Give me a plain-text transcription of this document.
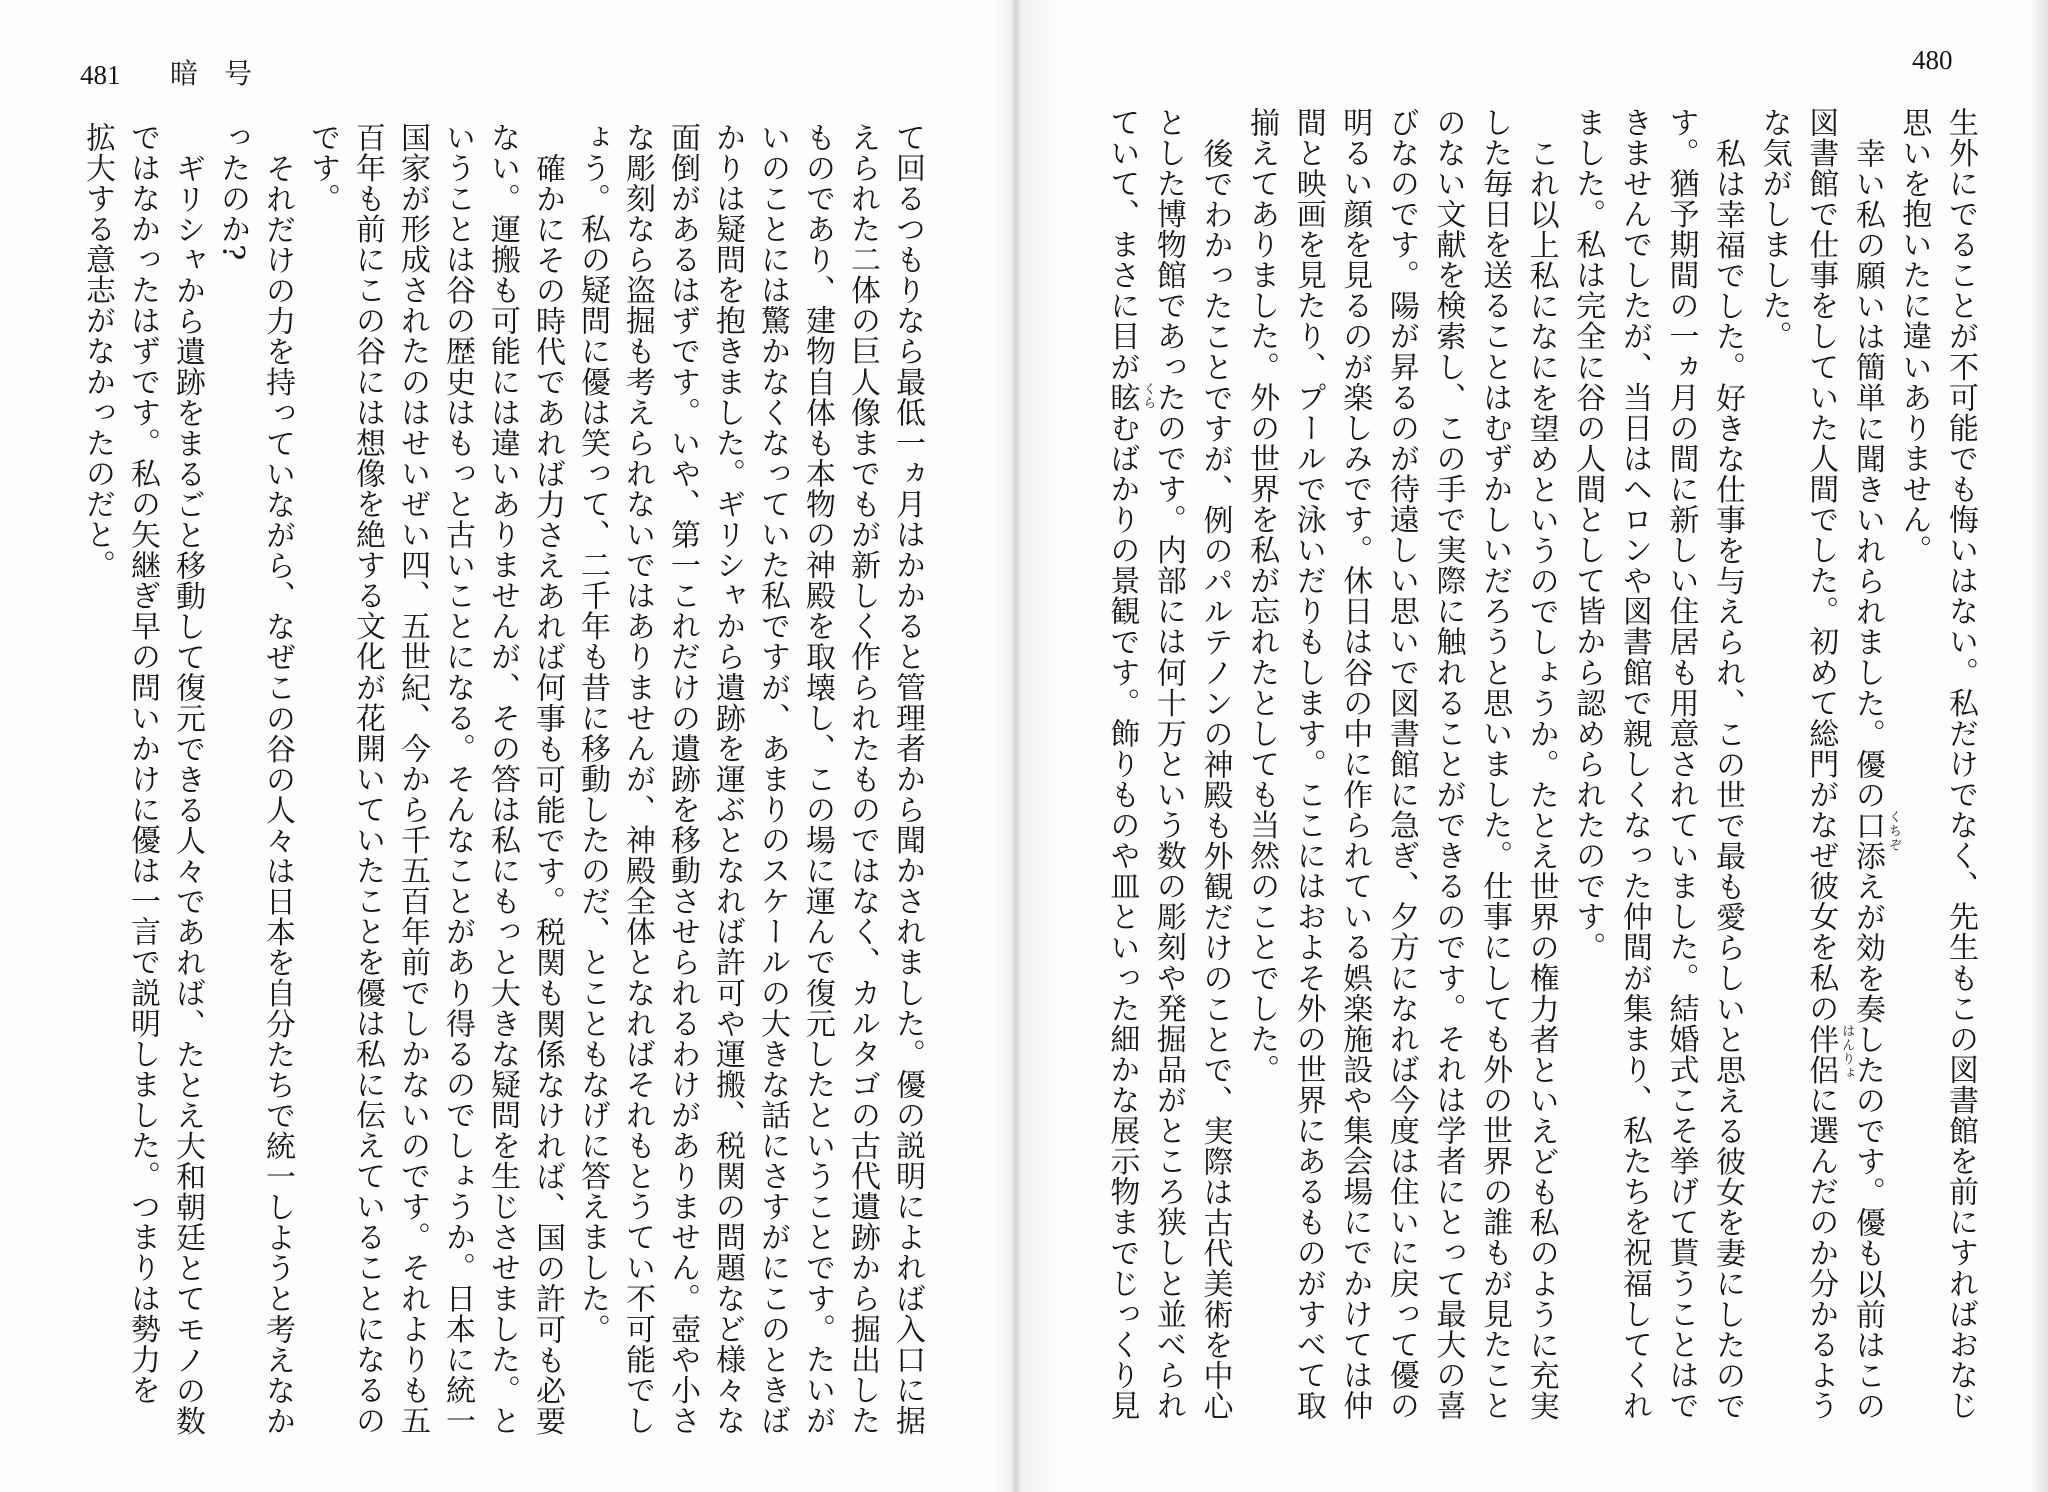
481 暗号
て回るつもりなら最低一ヵ月はかかると管理者から聞かされました。優の説明によれば入口に据
えられた二体の巨人像までもが新しく作られたものではなく、カルタゴの古代遺跡から掘出した
ものであり、建物自体も本物の神殿を取壊し、この場に運んで復元したということです。たいが
いのことには驚かなくなっていた私ですが、あまりのスケールの大きな話にさすがにこのときば
かりは疑問を抱きました。ギリシャから遺跡を運ぶとなれば許可や運搬、税関の問題など様々な
面倒があるはずです。いや、第一これだけの遺跡を移動させられるわけがありません。壺や小さ
な彫刻なら盗掘も考えられないではありませんが、神殿全体となればそれもとうてい不可能でし
ょう。私の疑問に優は笑って、二千年も昔に移動したのだ、とこともなげに答えました。
確かにその時代であれば力さえあれば何事も可能です。税関も関係なければ、国の許可も必要
ない。運搬も可能には違いありませんが、その答は私にもっと大きな疑問を生じさせました。と
いうことは谷の歴史はもっと古いことになる。そんなことがあり得るのでしょうか。日本に統一
国家が形成されたのはせいぜい四、五世紀、今から千五百年前でしかないのです。それよりも五
百年も前にこの谷には想像を絶する文化が花開いていたことを優は私に伝えていることになるの
です。
それだけの力を持っていながら、なぜこの谷の人々は日本を自分たちで統一しようと考えなか
ったのか?
ギリシャから遺跡をまるごと移動して復元できる人々であれば、たとえ大和朝廷とてモノの数
ではなかったはずです。私の矢継ぎ早の問いかけに優は一言で説明しました。つまりは勢力を
拡大する意志がなかったのだと。
480
生外にでることが不可能でも悔いはない。私だけでなく、先生もこの図書館を前にすればおなじ
思いを抱いたに違いありません。
幸い私の願いは簡単に聞きいれられました。優の口添 くちぞ
えが効を奏したのです。優も以前はこの
図書館で仕事をしていた人間でした。初めて総門がなぜ彼女を私の伴侶 はんりょ
に選んだのか分かるよう
な気がしました。
私は幸福でした。好きな仕事を与えられ、この世で最も愛らしいと思える彼女を妻にしたので
す。猶予期間の一ヵ月の間に新しい住居も用意されていました。結婚式こそ挙げて貰うことはで
きませんでしたが、当日はヘロンや図書館で親しくなった仲間が集まり、私たちを祝福してくれ
ました。私は完全に谷の人間として皆から認められたのです。
これ以上私になにを望めというのでしょうか。たとえ世界の権力者といえども私のように充実
した毎日を送ることはむずかしいだろうと思いました。仕事にしても外の世界の誰もが見たこと
のない文献を検索し、この手で実際に触れることができるのです。それは学者にとって最大の喜
びなのです。陽が昇るのが待遠しい思いで図書館に急ぎ、夕方になれば今度は住いに戻って優の
明るい顔を見るのが楽しみです。休日は谷の中に作られている娯楽施設や集会場にでかけては仲
間と映画を見たり、プールで泳いだりもします。ここにはおよそ外の世界にあるものがすべて取
揃えてありました。外の世界を私が忘れたとしても当然のことでした。
後でわかったことですが、例のパルテノンの神殿も外観だけのことで、実際は古代美術を中心
とした博物館であったのです。内部には何十万という数の彫刻や発掘品がところ狭しと並べられ
ていて、まさに目が眩 くら
むばかりの景観です。飾りものや皿といった細かな展示物までじっくり見
